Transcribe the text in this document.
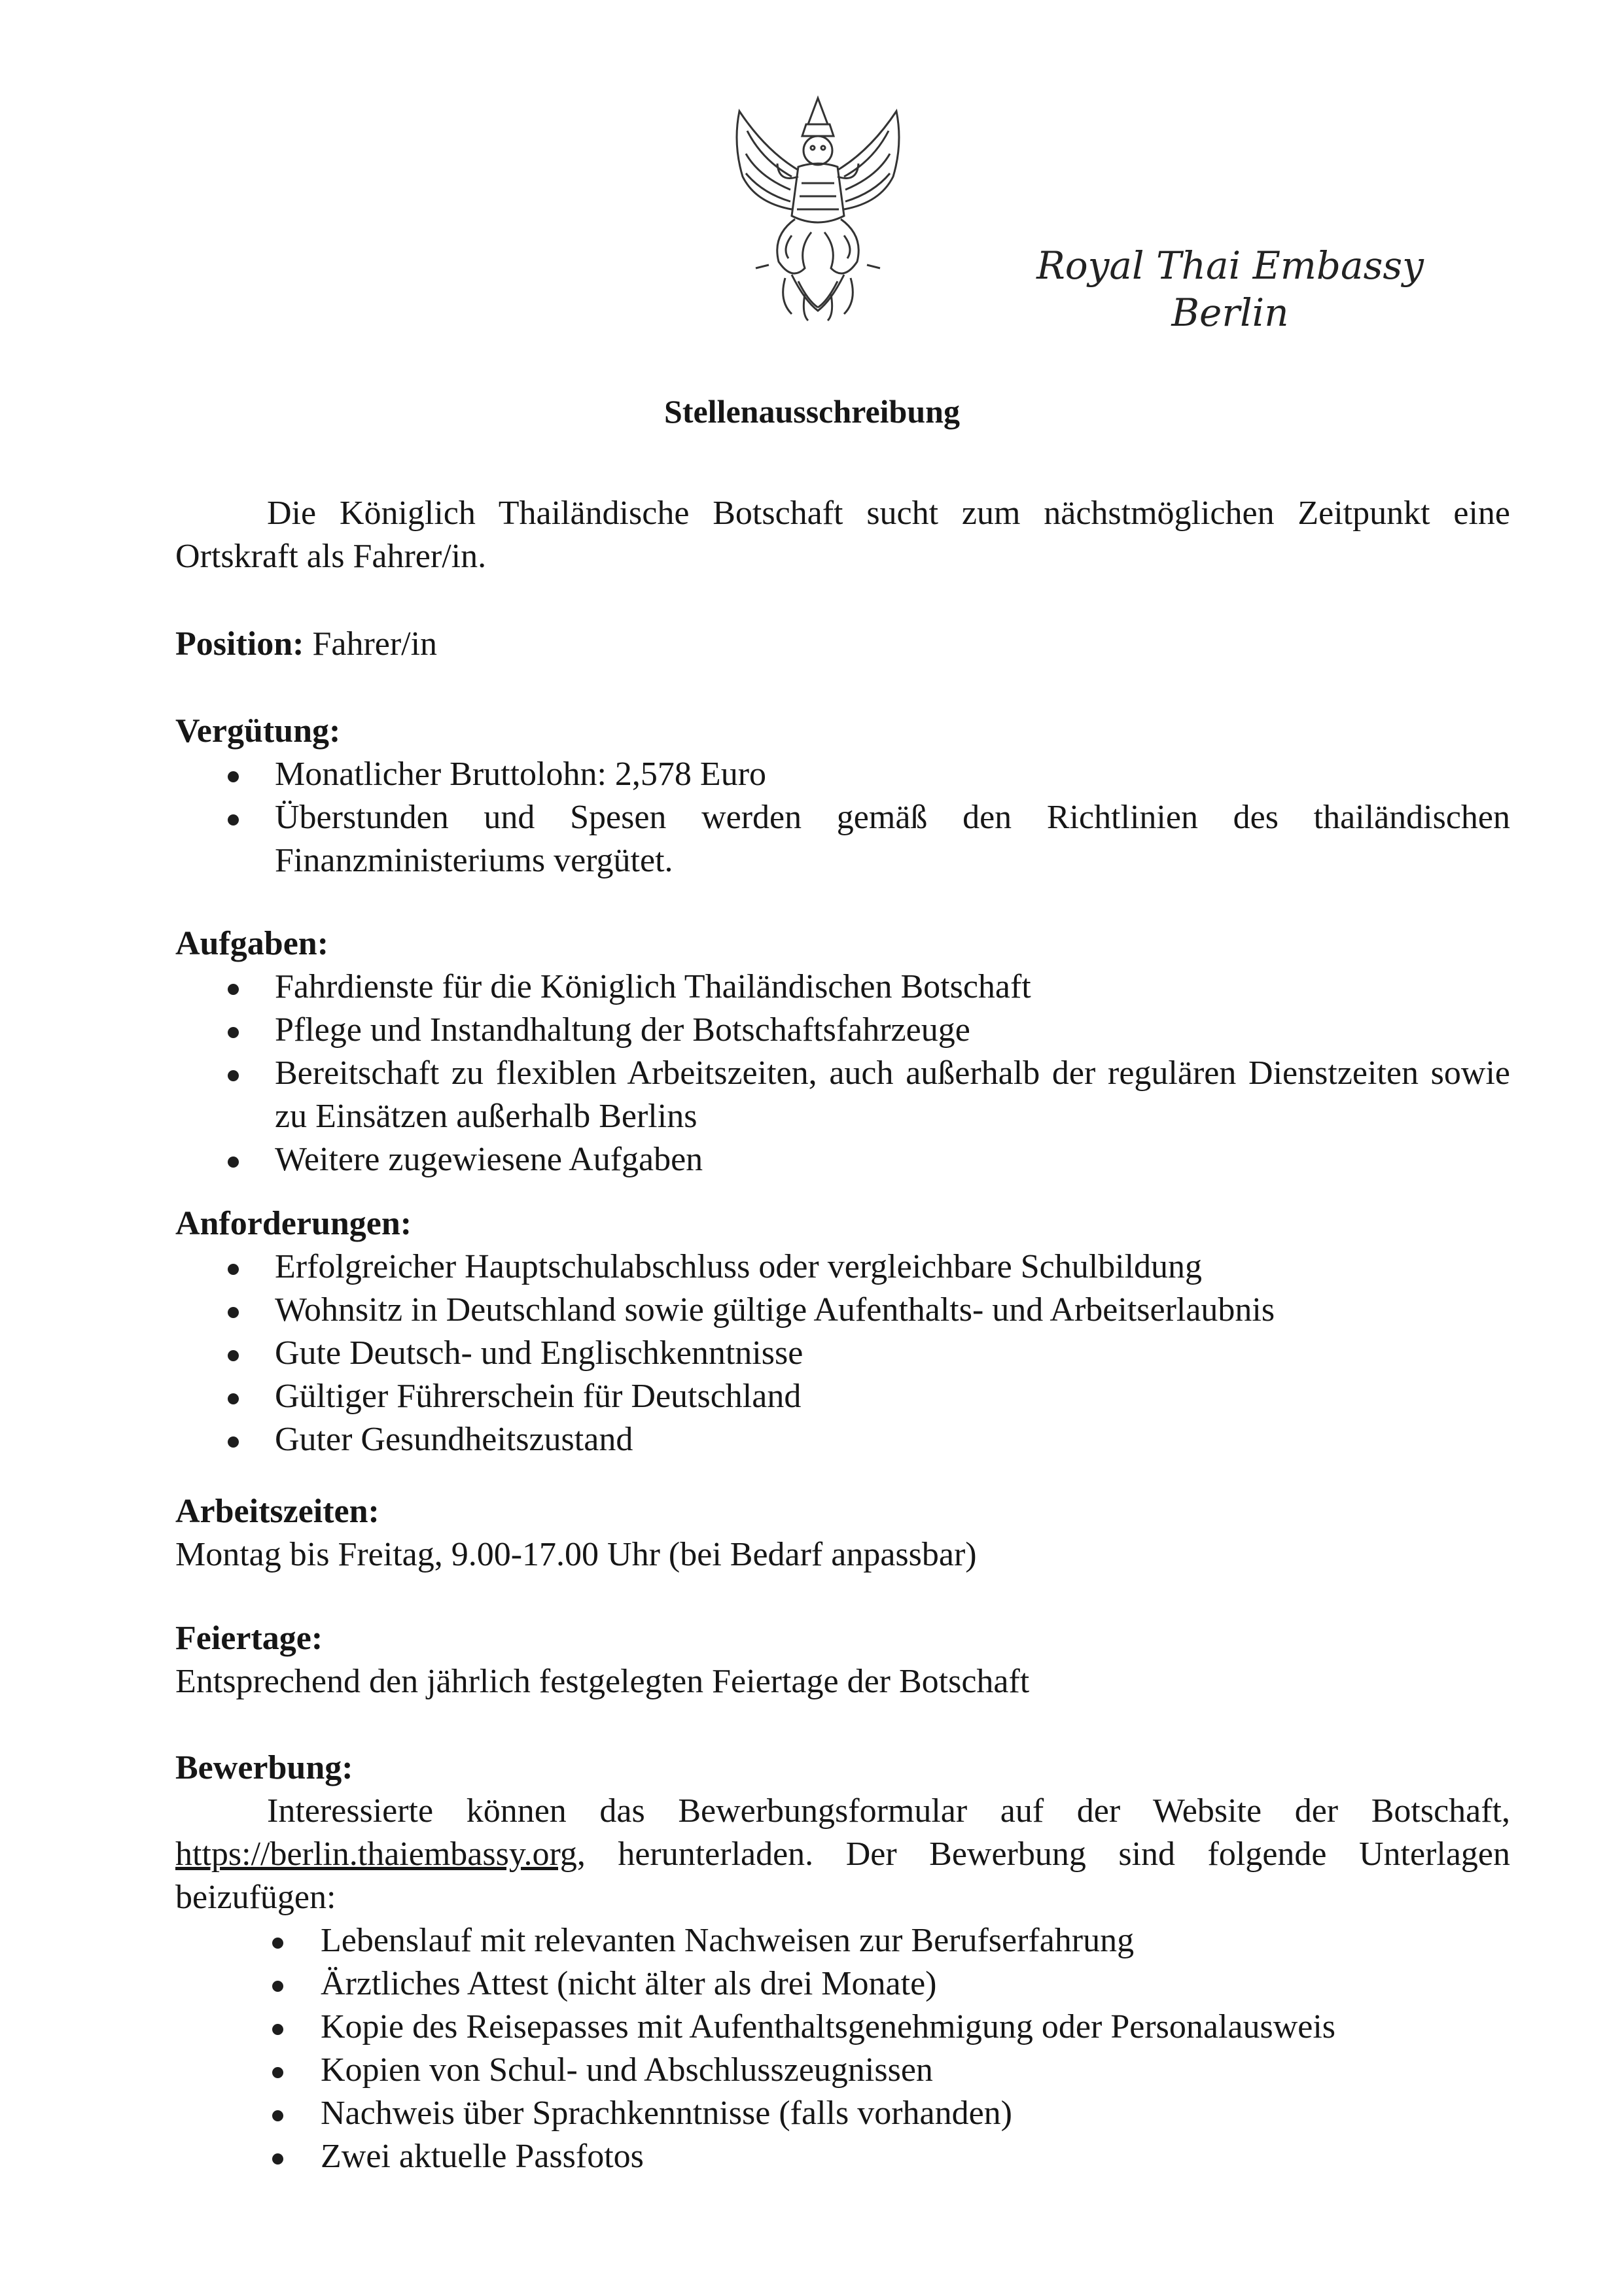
Royal Thai Embassy
Berlin
Stellenausschreibung
Die Königlich Thailändische Botschaft sucht zum nächstmöglichen Zeitpunkt eine Ortskraft als Fahrer/in.
Position: Fahrer/in
Vergütung:
Monatlicher Bruttolohn: 2,578 Euro
Überstunden und Spesen werden gemäß den Richtlinien des thailändischen Finanzministeriums vergütet.
Aufgaben:
Fahrdienste für die Königlich Thailändischen Botschaft
Pflege und Instandhaltung der Botschaftsfahrzeuge
Bereitschaft zu flexiblen Arbeitszeiten, auch außerhalb der regulären Dienstzeiten sowie zu Einsätzen außerhalb Berlins
Weitere zugewiesene Aufgaben
Anforderungen:
Erfolgreicher Hauptschulabschluss oder vergleichbare Schulbildung
Wohnsitz in Deutschland sowie gültige Aufenthalts- und Arbeitserlaubnis
Gute Deutsch- und Englischkenntnisse
Gültiger Führerschein für Deutschland
Guter Gesundheitszustand
Arbeitszeiten:
Montag bis Freitag, 9.00-17.00 Uhr (bei Bedarf anpassbar)
Feiertage:
Entsprechend den jährlich festgelegten Feiertage der Botschaft
Bewerbung:
Interessierte können das Bewerbungsformular auf der Website der Botschaft, https://berlin.thaiembassy.org, herunterladen. Der Bewerbung sind folgende Unterlagen beizufügen:
Lebenslauf mit relevanten Nachweisen zur Berufserfahrung
Ärztliches Attest (nicht älter als drei Monate)
Kopie des Reisepasses mit Aufenthaltsgenehmigung oder Personalausweis
Kopien von Schul- und Abschlusszeugnissen
Nachweis über Sprachkenntnisse (falls vorhanden)
Zwei aktuelle Passfotos
